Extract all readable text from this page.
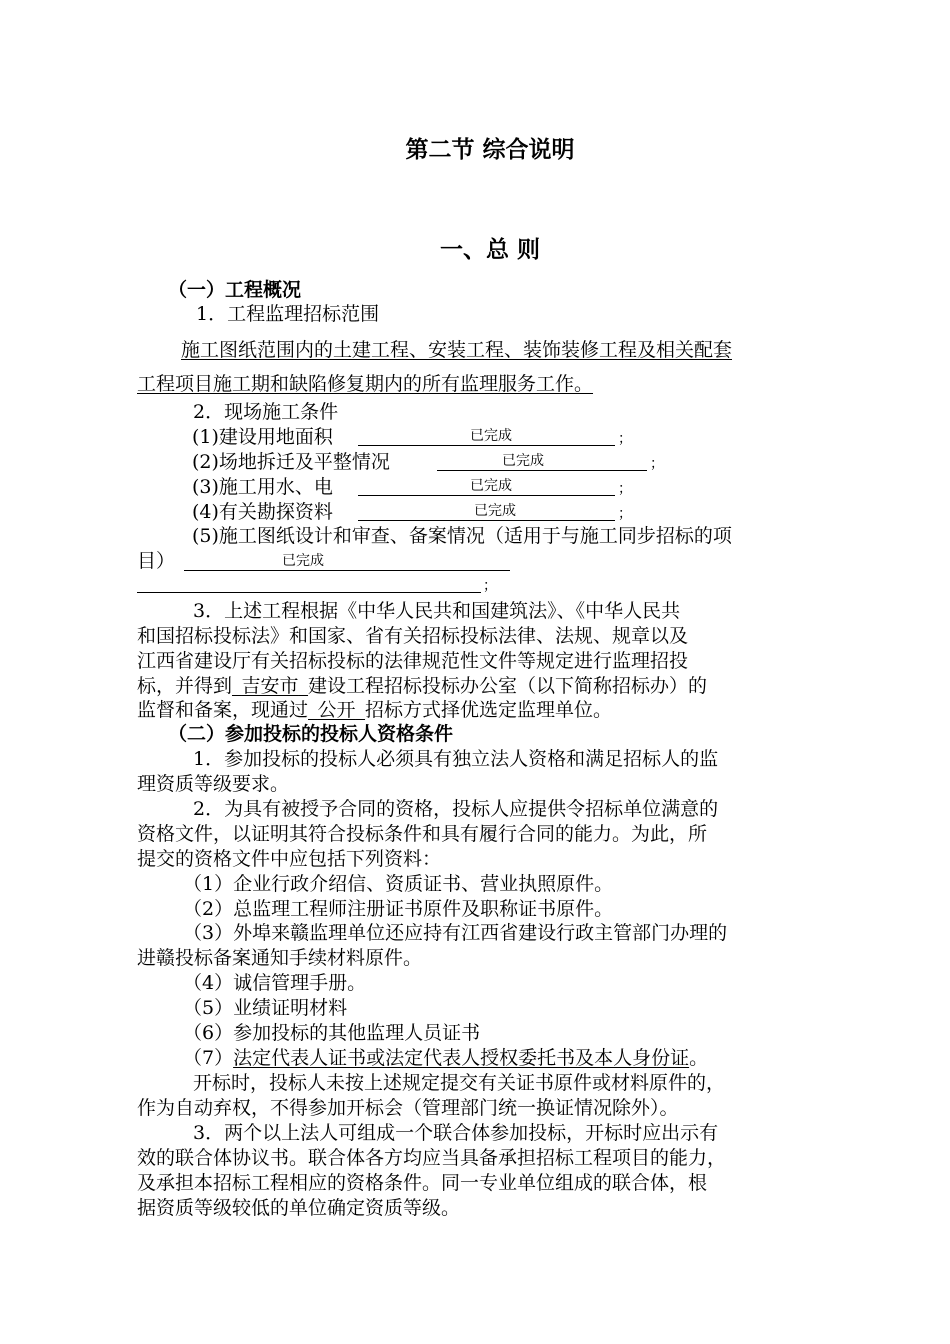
第二节 综合说明
一、总 则
（一）工程概况
1．工程监理招标范围
施工图纸范围内的土建工程、安装工程、装饰装修工程及相关配套
工程项目施工期和缺陷修复期内的所有监理服务工作。
2．现场施工条件
(1)建设用地面积	已完成	；
(2)场地拆迁及平整情况	已完成	；
(3)施工用水、电	已完成	；
(4)有关勘探资料	已完成	；
(5)施工图纸设计和审查、备案情况（适用于与施工同步招标的项
目）	已完成
；
3．上述工程根据《中华人民共和国建筑法》、《中华人民共
和国招标投标法》和国家、省有关招标投标法律、法规、规章以及
江西省建设厅有关招标投标的法律规范性文件等规定进行监理招投
标，并得到  吉安市  建设工程招标投标办公室（以下简称招标办）的
监督和备案，现通过  公开  招标方式择优选定监理单位。
（二）参加投标的投标人资格条件
1．参加投标的投标人必须具有独立法人资格和满足招标人的监
理资质等级要求。
2．为具有被授予合同的资格，投标人应提供令招标单位满意的
资格文件，以证明其符合投标条件和具有履行合同的能力。为此，所
提交的资格文件中应包括下列资料：
（1）企业行政介绍信、资质证书、营业执照原件。
（2）总监理工程师注册证书原件及职称证书原件。
（3）外埠来赣监理单位还应持有江西省建设行政主管部门办理的
进赣投标备案通知手续材料原件。
（4）诚信管理手册。
（5）业绩证明材料
（6）参加投标的其他监理人员证书
（7）法定代表人证书或法定代表人授权委托书及本人身份证。
开标时，投标人未按上述规定提交有关证书原件或材料原件的，
作为自动弃权，不得参加开标会（管理部门统一换证情况除外）。
3．两个以上法人可组成一个联合体参加投标，开标时应出示有
效的联合体协议书。联合体各方均应当具备承担招标工程项目的能力，
及承担本招标工程相应的资格条件。同一专业单位组成的联合体，根
据资质等级较低的单位确定资质等级。
